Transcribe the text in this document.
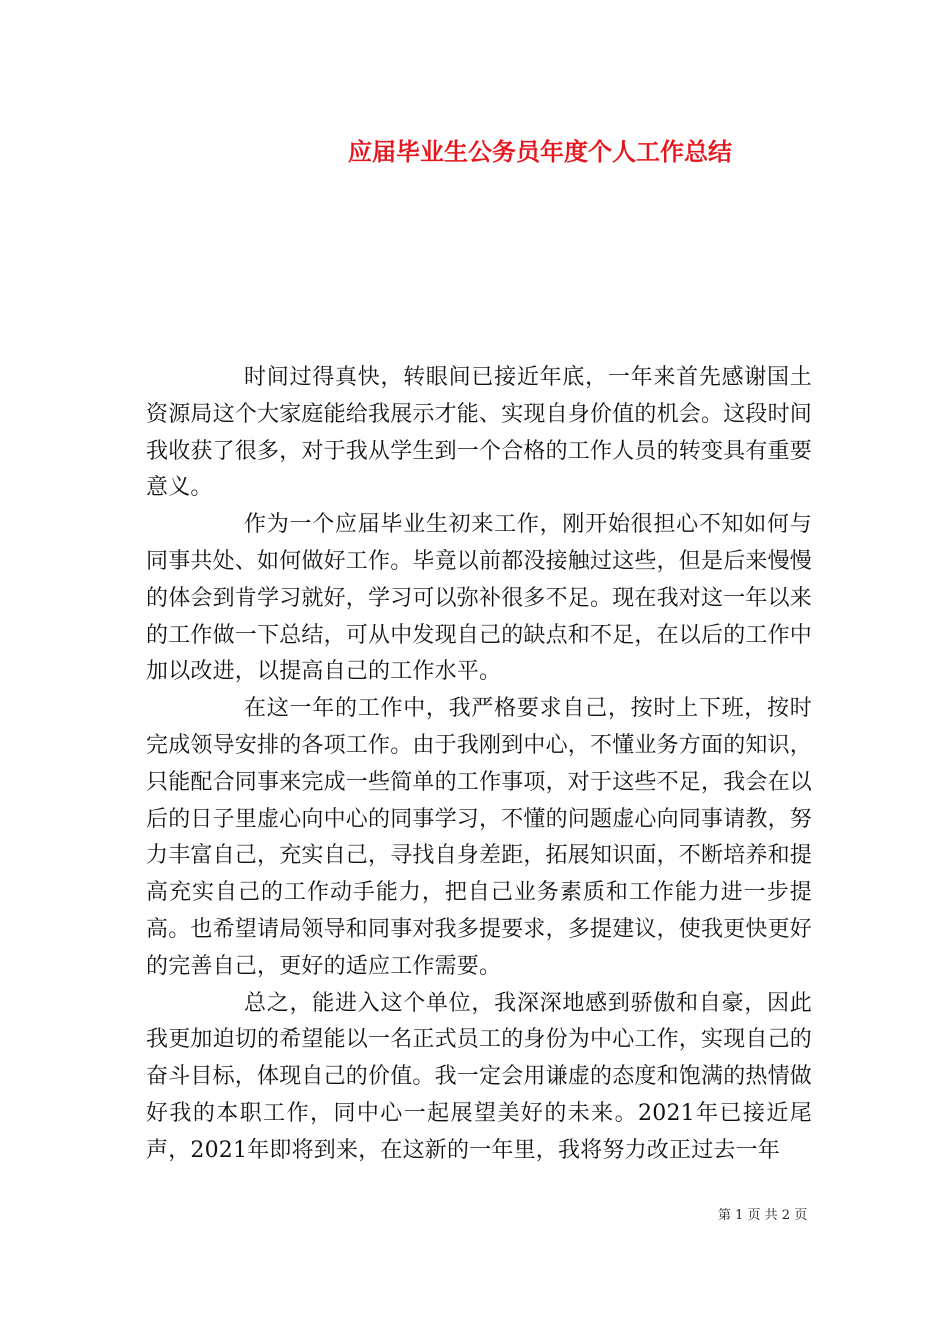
应届毕业生公务员年度个人工作总结

时间过得真快，转眼间已接近年底，一年来首先感谢国土资源局这个大家庭能给我展示才能、实现自身价值的机会。这段时间我收获了很多，对于我从学生到一个合格的工作人员的转变具有重要意义。

作为一个应届毕业生初来工作，刚开始很担心不知如何与同事共处、如何做好工作。毕竟以前都没接触过这些，但是后来慢慢的体会到肯学习就好，学习可以弥补很多不足。现在我对这一年以来的工作做一下总结，可从中发现自己的缺点和不足，在以后的工作中加以改进，以提高自己的工作水平。

在这一年的工作中，我严格要求自己，按时上下班，按时完成领导安排的各项工作。由于我刚到中心，不懂业务方面的知识，只能配合同事来完成一些简单的工作事项，对于这些不足，我会在以后的日子里虚心向中心的同事学习，不懂的问题虚心向同事请教，努力丰富自己，充实自己，寻找自身差距，拓展知识面，不断培养和提高充实自己的工作动手能力，把自己业务素质和工作能力进一步提高。也希望请局领导和同事对我多提要求，多提建议，使我更快更好的完善自己，更好的适应工作需要。

总之，能进入这个单位，我深深地感到骄傲和自豪，因此我更加迫切的希望能以一名正式员工的身份为中心工作，实现自己的奋斗目标，体现自己的价值。我一定会用谦虚的态度和饱满的热情做好我的本职工作，同中心一起展望美好的未来。2021年已接近尾声，2021年即将到来，在这新的一年里，我将努力改正过去一年

第 1 页 共 2 页
